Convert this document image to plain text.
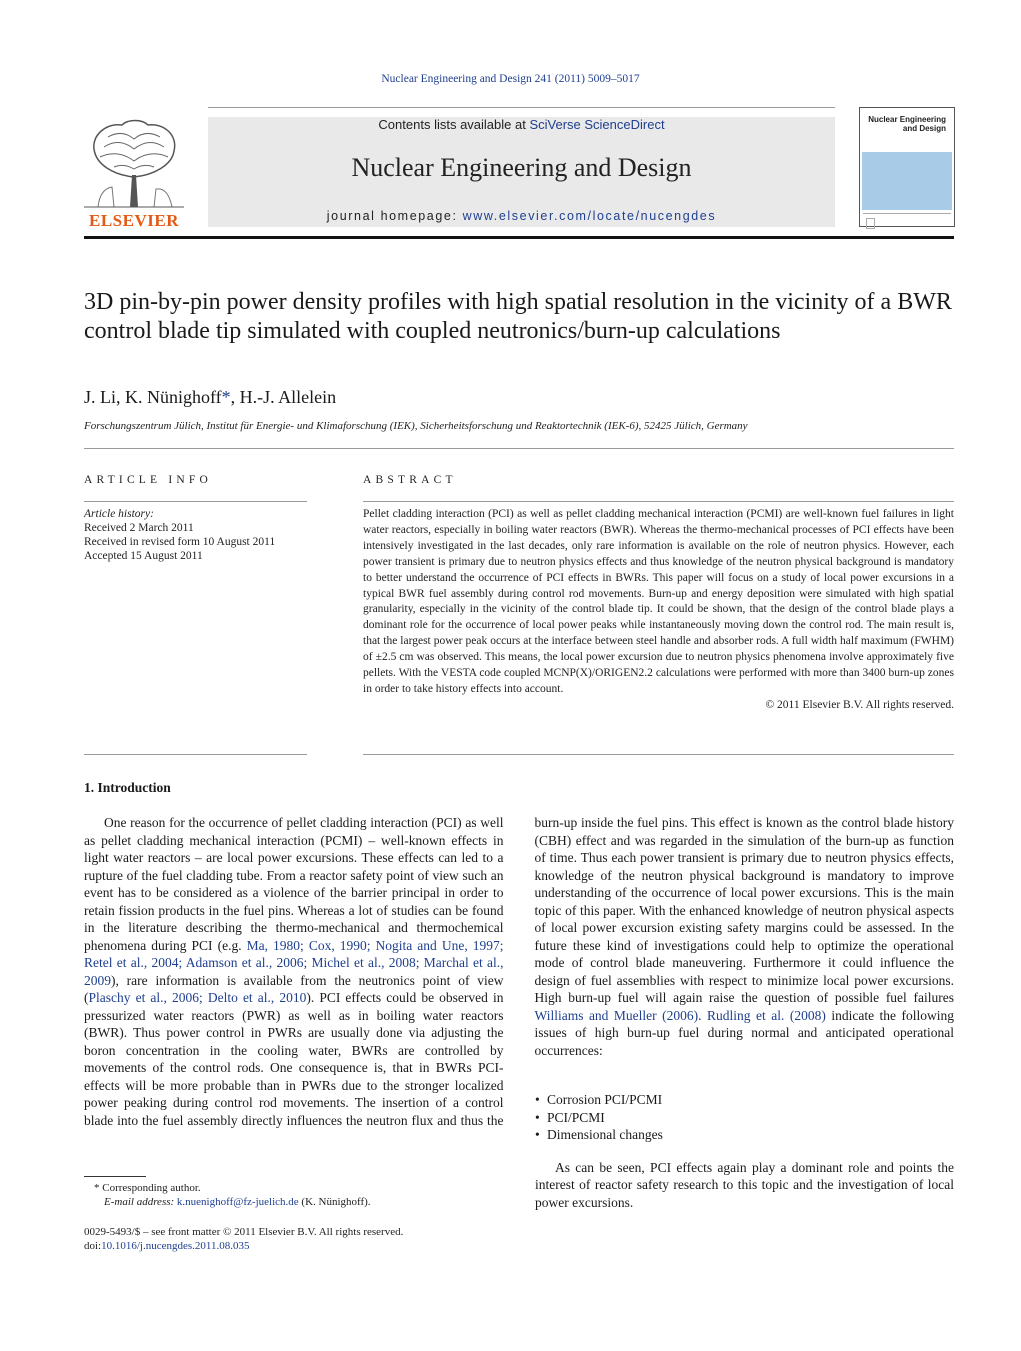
Nuclear Engineering and Design 241 (2011) 5009–5017
ELSEVIER
Contents lists available at SciVerse ScienceDirect
Nuclear Engineering and Design
journal homepage: www.elsevier.com/locate/nucengdes
Nuclear Engineering
and Design
3D pin-by-pin power density profiles with high spatial resolution in the vicinity of a BWR control blade tip simulated with coupled neutronics/burn-up calculations
J. Li, K. Nünighoff*, H.-J. Allelein
Forschungszentrum Jülich, Institut für Energie- und Klimaforschung (IEK), Sicherheitsforschung und Reaktortechnik (IEK-6), 52425 Jülich, Germany
ARTICLE INFO
Article history:
Received 2 March 2011
Received in revised form 10 August 2011
Accepted 15 August 2011
ABSTRACT
Pellet cladding interaction (PCI) as well as pellet cladding mechanical interaction (PCMI) are well-known fuel failures in light water reactors, especially in boiling water reactors (BWR). Whereas the thermo-mechanical processes of PCI effects have been intensively investigated in the last decades, only rare information is available on the role of neutron physics. However, each power transient is primary due to neutron physics effects and thus knowledge of the neutron physical background is mandatory to better understand the occurrence of PCI effects in BWRs. This paper will focus on a study of local power excursions in a typical BWR fuel assembly during control rod movements. Burn-up and energy deposition were simulated with high spatial granularity, especially in the vicinity of the control blade tip. It could be shown, that the design of the control blade plays a dominant role for the occurrence of local power peaks while instantaneously moving down the control rod. The main result is, that the largest power peak occurs at the interface between steel handle and absorber rods. A full width half maximum (FWHM) of ±2.5 cm was observed. This means, the local power excursion due to neutron physics phenomena involve approximately five pellets. With the VESTA code coupled MCNP(X)/ORIGEN2.2 calculations were performed with more than 3400 burn-up zones in order to take history effects into account.
© 2011 Elsevier B.V. All rights reserved.
1. Introduction

One reason for the occurrence of pellet cladding interaction (PCI) as well as pellet cladding mechanical interaction (PCMI) – well-known effects in light water reactors – are local power excursions. These effects can led to a rupture of the fuel cladding tube. From a reactor safety point of view such an event has to be considered as a violence of the barrier principal in order to retain fission products in the fuel pins. Whereas a lot of studies can be found in the literature describing the thermo-mechanical and thermochemical phenomena during PCI (e.g. Ma, 1980; Cox, 1990; Nogita and Une, 1997; Retel et al., 2004; Adamson et al., 2006; Michel et al., 2008; Marchal et al., 2009), rare information is available from the neutronics point of view (Plaschy et al., 2006; Delto et al., 2010). PCI effects could be observed in pressurized water reactors (PWR) as well as in boiling water reactors (BWR). Thus power control in PWRs are usually done via adjusting the boron concentration in the cooling water, BWRs are controlled by movements of the control rods. One consequence is, that in BWRs PCI-effects will be more probable than in PWRs due to the stronger localized power peaking during control rod movements. The insertion of a control blade into the fuel assembly directly influences the neutron flux and thus the burn-up inside the fuel pins. This effect is known as the control blade history (CBH) effect and was regarded in the simulation of the burn-up as function of time. Thus each power transient is primary due to neutron physics effects, knowledge of the neutron physical background is mandatory to improve understanding of the occurrence of local power excursions. This is the main topic of this paper. With the enhanced knowledge of neutron physical aspects of local power excursion existing safety margins could be assessed. In the future these kind of investigations could help to optimize the operational mode of control blade maneuvering. Furthermore it could influence the design of fuel assemblies with respect to minimize local power excursions. High burn-up fuel will again raise the question of possible fuel failures Williams and Mueller (2006). Rudling et al. (2008) indicate the following issues of high burn-up fuel during normal and anticipated operational occurrences:

• Corrosion PCI/PCMI
• PCI/PCMI
• Dimensional changes

As can be seen, PCI effects again play a dominant role and points the interest of reactor safety research to this topic and the investigation of local power excursions.

* Corresponding author.
E-mail address: k.nuenighoff@fz-juelich.de (K. Nünighoff).
0029-5493/$ – see front matter © 2011 Elsevier B.V. All rights reserved.
doi:10.1016/j.nucengdes.2011.08.035
